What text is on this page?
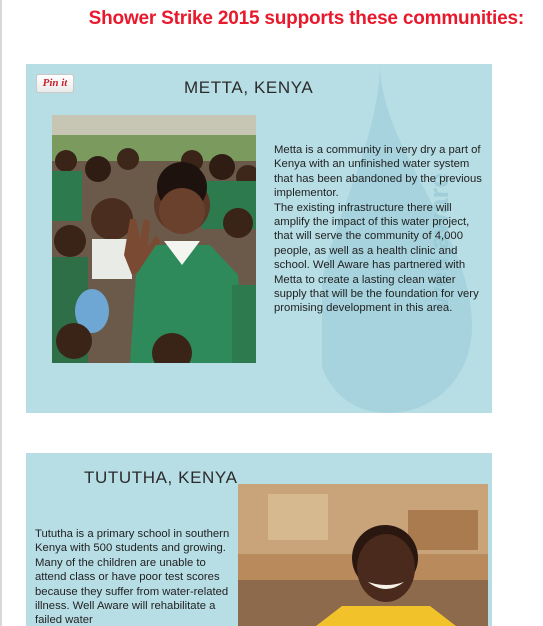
Shower Strike 2015 supports these communities:
well aware
Pin it	METTA, KENYA

Metta is a community in very dry a part of Kenya with an unfinished water system that has been abandoned by the previous implementor.

The existing infrastructure there will amplify the impact of this water project, that will serve the community of 4,000 people, as well as a health clinic and school. Well Aware has partnered with Metta to create a lasting clean water supply that will be the foundation for very promising development in this area.

TUTUTHA, KENYA
Tututha is a primary school in southern Kenya with 500 students and growing. Many of the children are unable to attend class or have poor test scores because they suffer from water-related illness. Well Aware will rehabilitate a failed water
